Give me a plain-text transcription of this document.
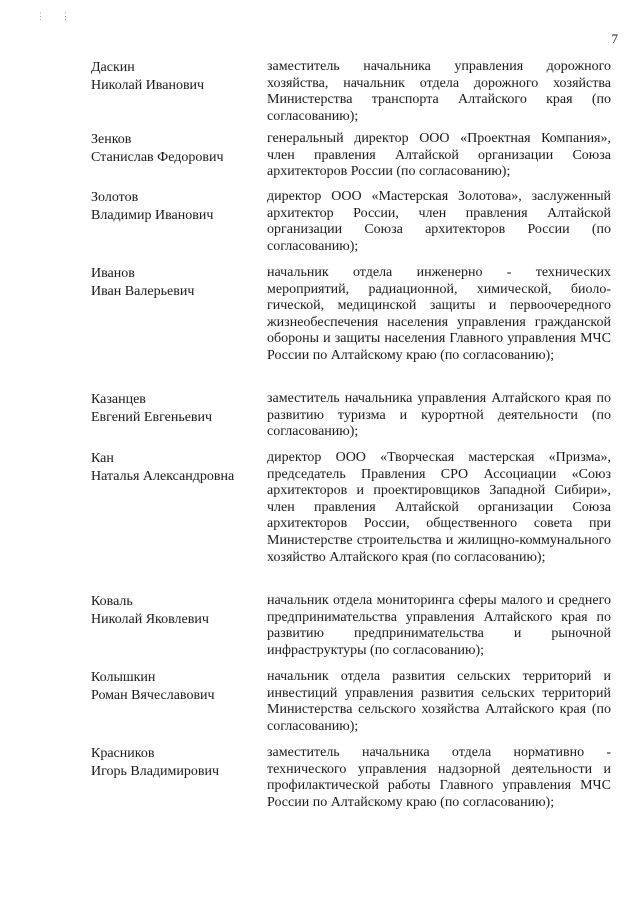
⋮ ⋮
7
Даскин
Николай Иванович
заместитель начальника управления дорожного хозяйства, начальник отдела дорожного хозяйства Министерства транспорта Алтайского края (по согласованию);
Зенков
Станислав Федорович
генеральный директор ООО «Проектная Компания», член правления Алтайской организации Союза архитекторов России (по согласованию);
Золотов
Владимир Иванович
директор ООО «Мастерская Золотова», заслуженный архитектор России, член правления Алтайской организации Союза архитекторов России (по согласованию);
Иванов
Иван Валерьевич
начальник отдела инженерно - технических мероприятий, радиационной, химической, биологической, медицинской защиты и первоочередного жизнеобеспечения населения управления гражданской обороны и защиты населения Главного управления МЧС России по Алтайскому краю (по согласованию);
Казанцев
Евгений Евгеньевич
заместитель начальника управления Алтайского края по развитию туризма и курортной деятельности (по согласованию);
Кан
Наталья Александровна
директор ООО «Творческая мастерская «Призма», председатель Правления СРО Ассоциации «Союз архитекторов и проектировщиков Западной Сибири», член правления Алтайской организации Союза архитекторов России, общественного совета при Министерстве строительства и жилищно-коммунального хозяйство Алтайского края (по согласованию);
Коваль
Николай Яковлевич
начальник отдела мониторинга сферы малого и среднего предпринимательства управления Алтайского края по развитию предпринимательства и рыночной инфраструктуры (по согласованию);
Колышкин
Роман Вячеславович
начальник отдела развития сельских территорий и инвестиций управления развития сельских территорий Министерства сельского хозяйства Алтайского края (по согласованию);
Красников
Игорь Владимирович
заместитель начальника отдела нормативно - технического управления надзорной деятельности и профилактической работы Главного управления МЧС России по Алтайскому краю (по согласованию);
